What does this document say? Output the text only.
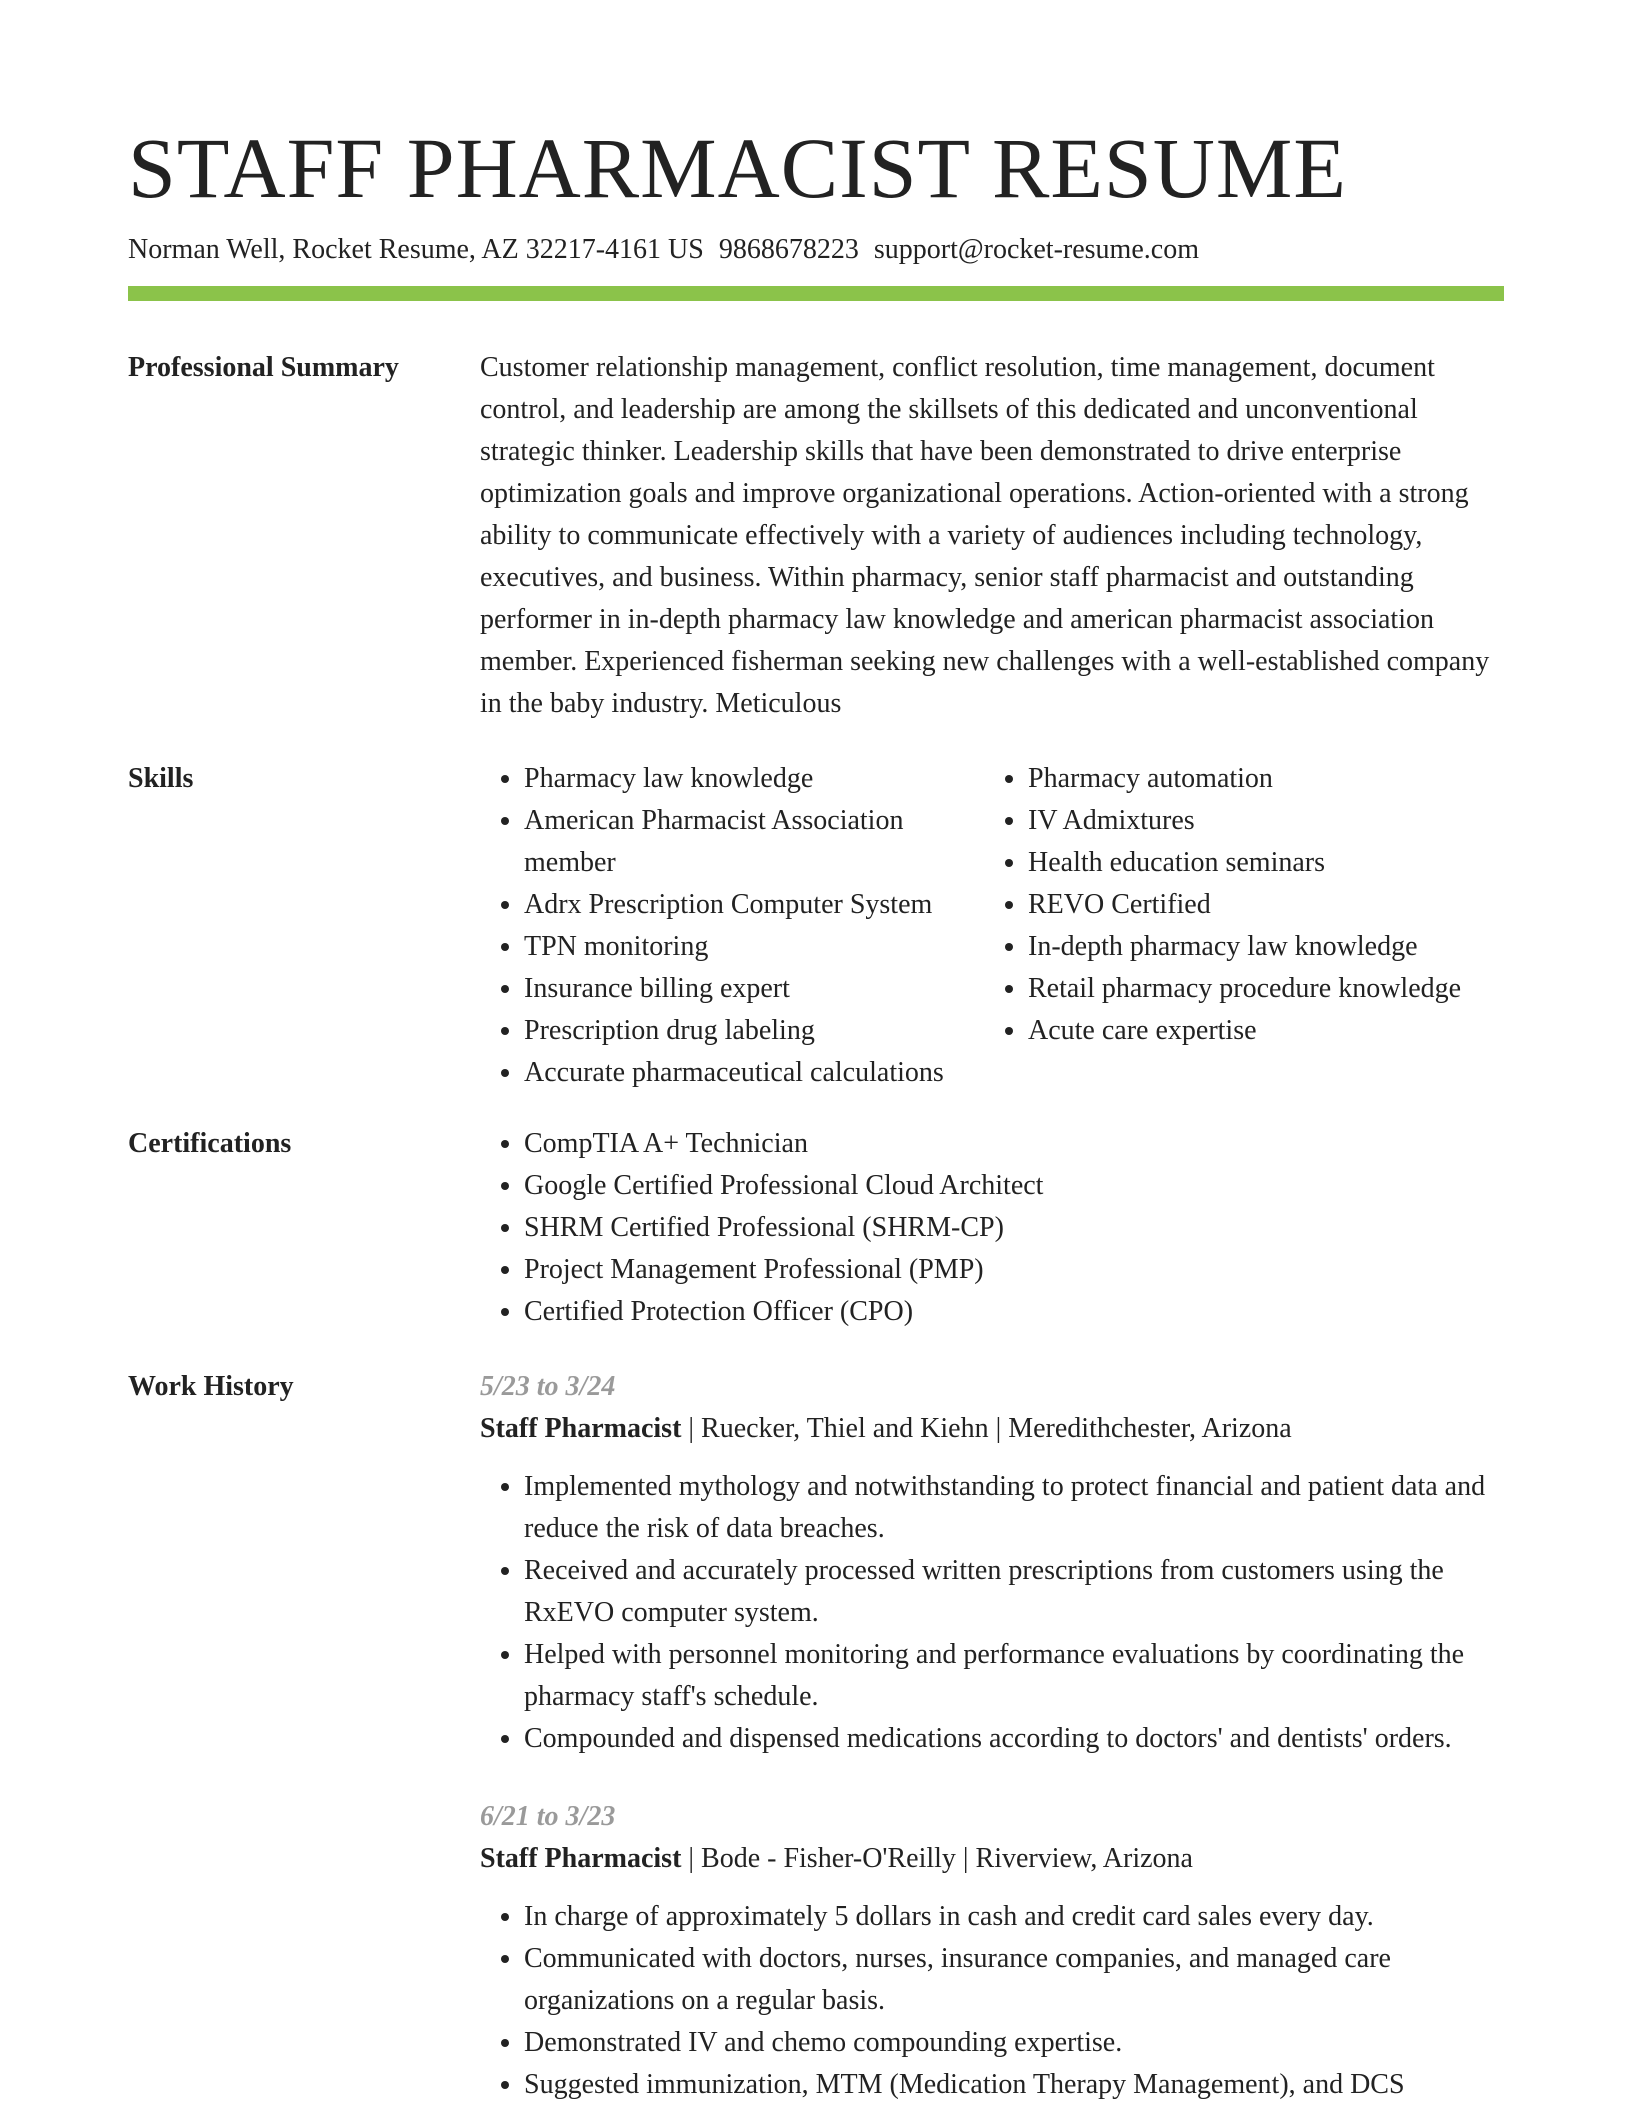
STAFF PHARMACIST RESUME
Norman Well, Rocket Resume, AZ 32217-4161 US 9868678223 support@rocket-resume.com
Professional Summary	Customer relationship management, conflict resolution, time management, document control, and leadership are among the skillsets of this dedicated and unconventional strategic thinker. Leadership skills that have been demonstrated to drive enterprise optimization goals and improve organizational operations. Action-oriented with a strong ability to communicate effectively with a variety of audiences including technology, executives, and business. Within pharmacy, senior staff pharmacist and outstanding performer in in-depth pharmacy law knowledge and american pharmacist association member. Experienced fisherman seeking new challenges with a well-established company in the baby industry. Meticulous

Skills	• Pharmacy law knowledge
• American Pharmacist Association member
• Adrx Prescription Computer System
• TPN monitoring
• Insurance billing expert
• Prescription drug labeling
• Accurate pharmaceutical calculations
• Pharmacy automation
• IV Admixtures
• Health education seminars
• REVO Certified
• In-depth pharmacy law knowledge
• Retail pharmacy procedure knowledge
• Acute care expertise
Certifications	• CompTIA A+ Technician
• Google Certified Professional Cloud Architect
• SHRM Certified Professional (SHRM-CP)
• Project Management Professional (PMP)
• Certified Protection Officer (CPO)
Work History	5/23 to 3/24
Staff Pharmacist | Ruecker, Thiel and Kiehn | Meredithchester, Arizona
• Implemented mythology and notwithstanding to protect financial and patient data and reduce the risk of data breaches.
• Received and accurately processed written prescriptions from customers using the RxEVO computer system.
• Helped with personnel monitoring and performance evaluations by coordinating the pharmacy staff's schedule.
• Compounded and dispensed medications according to doctors' and dentists' orders.
6/21 to 3/23
Staff Pharmacist | Bode - Fisher-O'Reilly | Riverview, Arizona
• In charge of approximately 5 dollars in cash and credit card sales every day.
• Communicated with doctors, nurses, insurance companies, and managed care organizations on a regular basis.
• Demonstrated IV and chemo compounding expertise.
• Suggested immunization, MTM (Medication Therapy Management), and DCS
